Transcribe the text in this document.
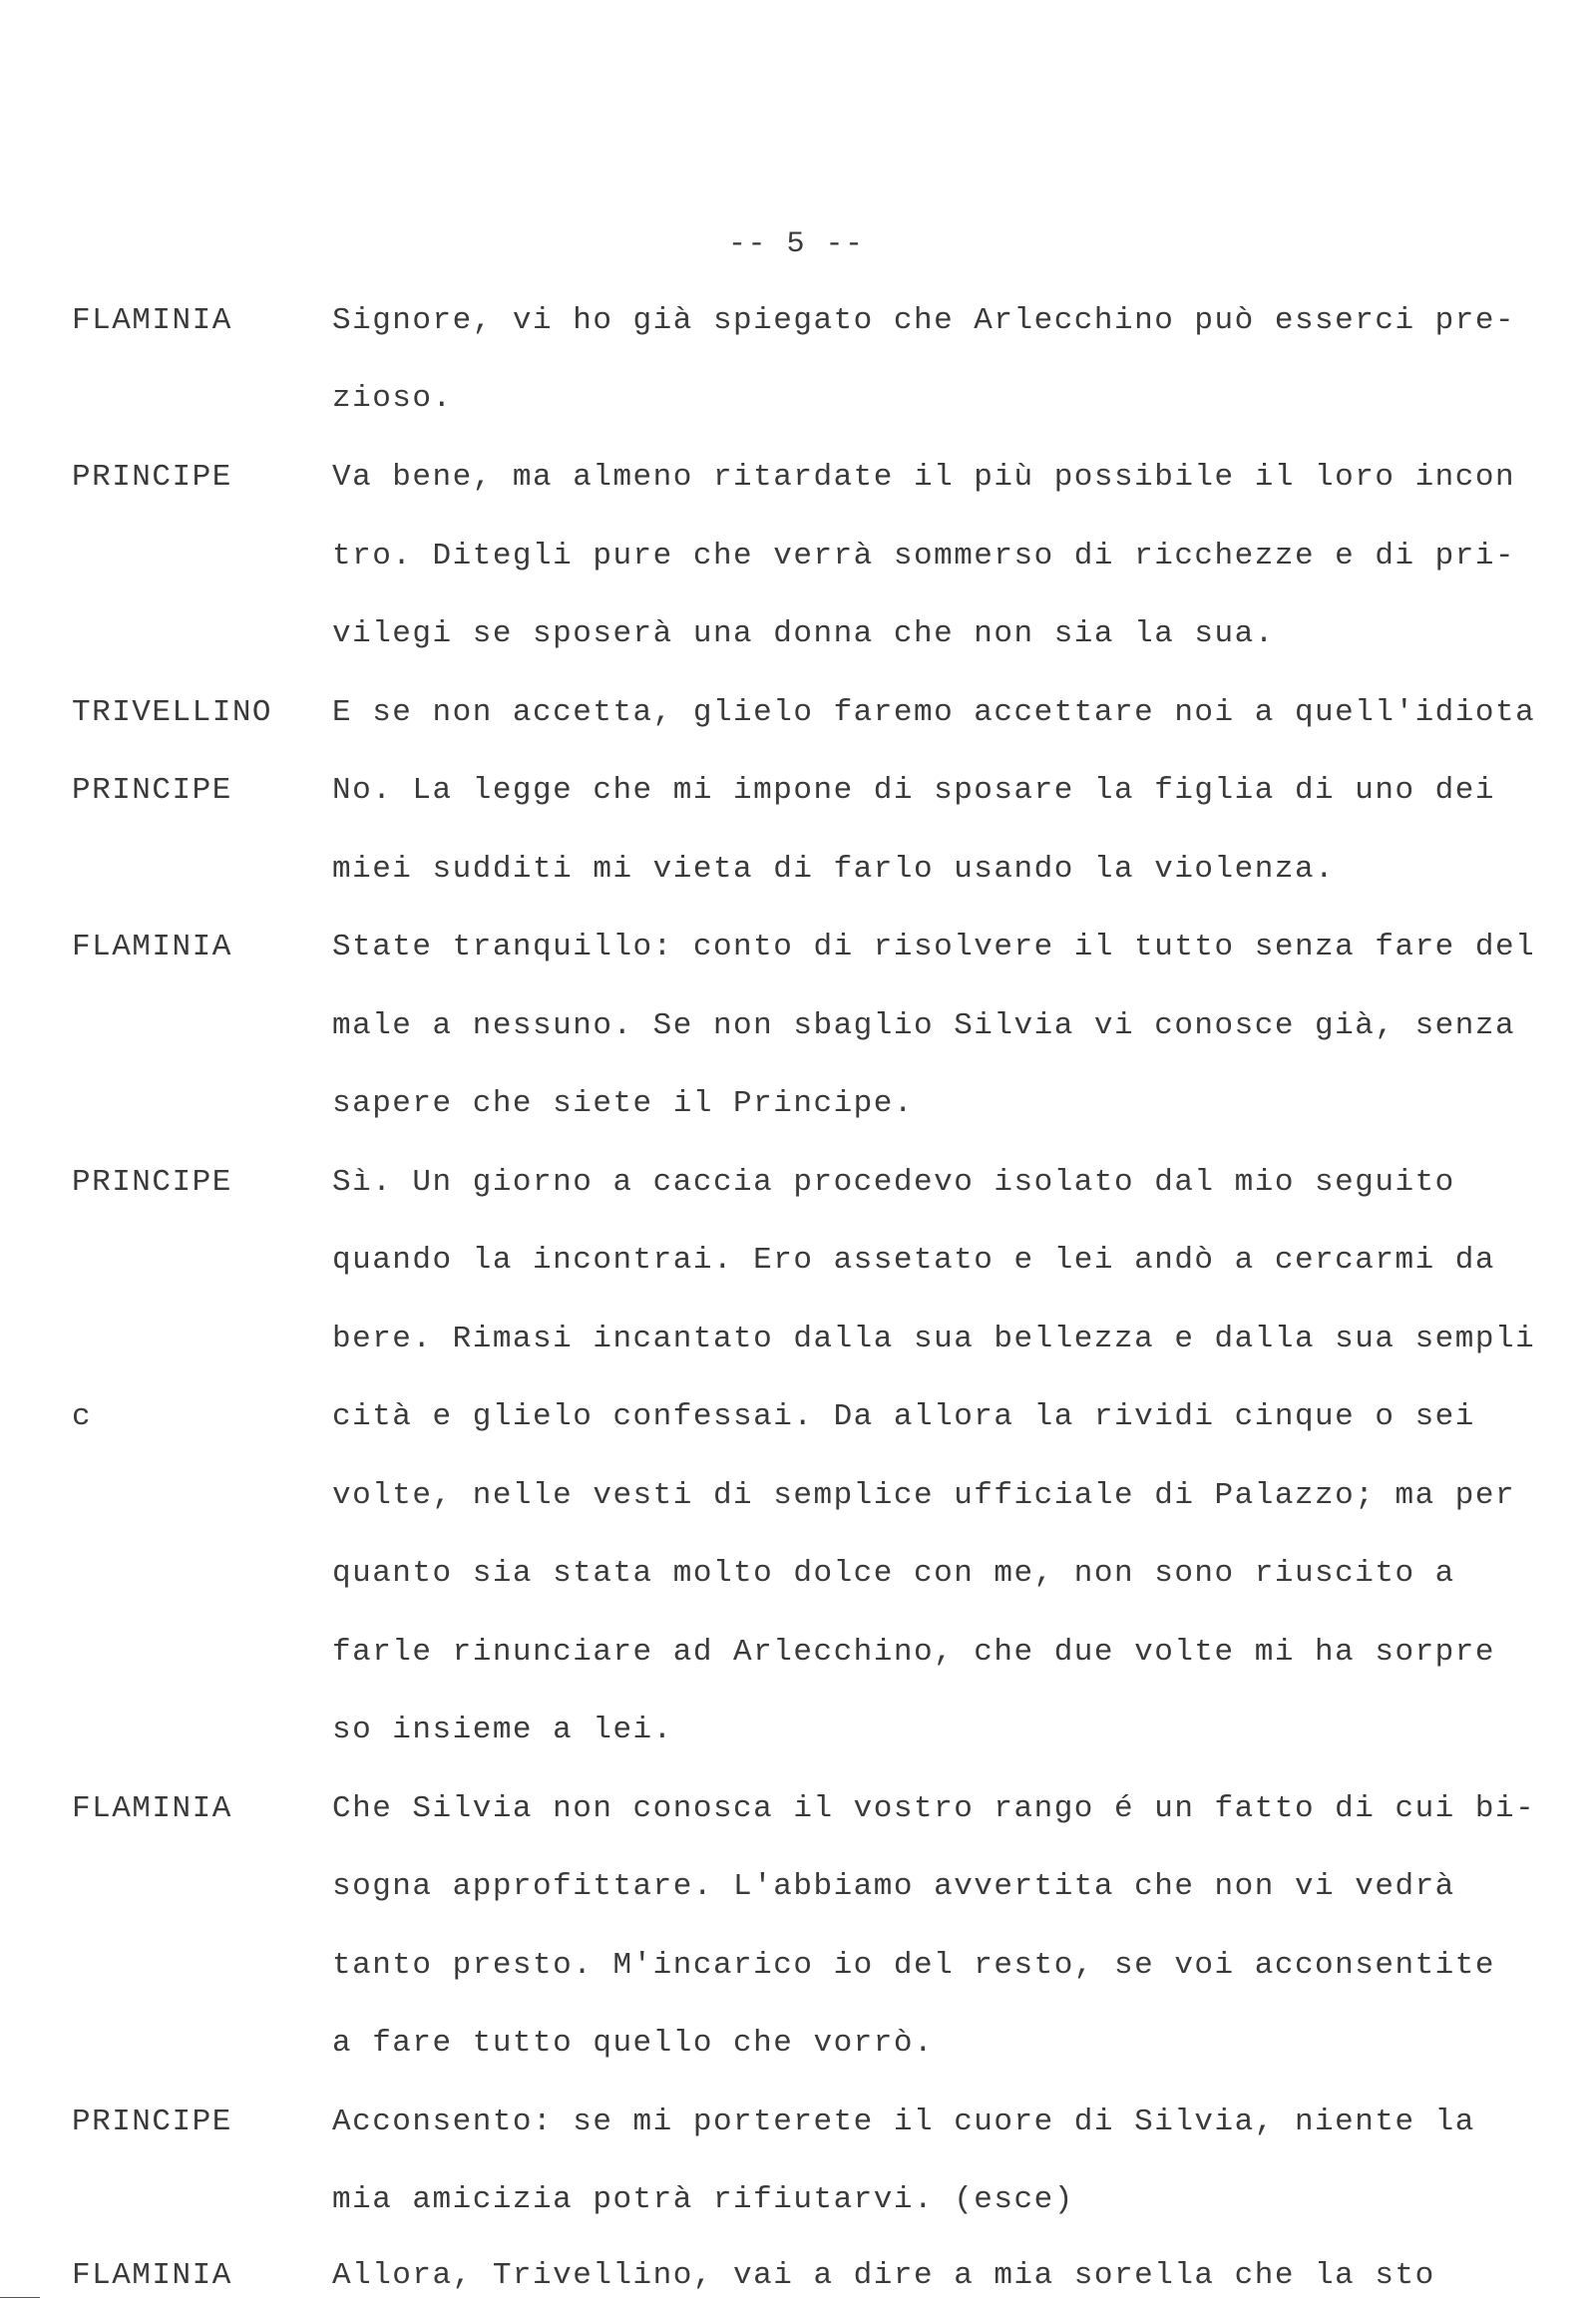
-- 5 --
FLAMINIA	Signore, vi ho già spiegato che Arlecchino può esserci pre-
zioso.
PRINCIPE	Va bene, ma almeno ritardate il più possibile il loro incon
tro. Ditegli pure che verrà sommerso di ricchezze e di pri-
vilegi se sposerà una donna che non sia la sua.
TRIVELLINO E se non accetta, glielo faremo accettare noi a quell'idiota
PRINCIPE	No. La legge che mi impone di sposare la figlia di uno dei
miei sudditi mi vieta di farlo usando la violenza.
FLAMINIA	State tranquillo: conto di risolvere il tutto senza fare del
male a nessuno. Se non sbaglio Silvia vi conosce già, senza
sapere che siete il Principe.
PRINCIPE	Sì. Un giorno a caccia procedevo isolato dal mio seguito
quando la incontrai. Ero assetato e lei andò a cercarmi da
bere. Rimasi incantato dalla sua bellezza e dalla sua sempli
c	cità e glielo confessai. Da allora la rividi cinque o sei
volte, nelle vesti di semplice ufficiale di Palazzo; ma per
quanto sia stata molto dolce con me, non sono riuscito a
farle rinunciare ad Arlecchino, che due volte mi ha sorpre
so insieme a lei.
FLAMINIA	Che Silvia non conosca il vostro rango é un fatto di cui bi-
sogna approfittare. L'abbiamo avvertita che non vi vedrà
tanto presto. M'incarico io del resto, se voi acconsentite
a fare tutto quello che vorrò.
PRINCIPE	Acconsento: se mi porterete il cuore di Silvia, niente la
mia amicizia potrà rifiutarvi. (esce)
FLAMINIA	Allora, Trivellino, vai a dire a mia sorella che la sto
